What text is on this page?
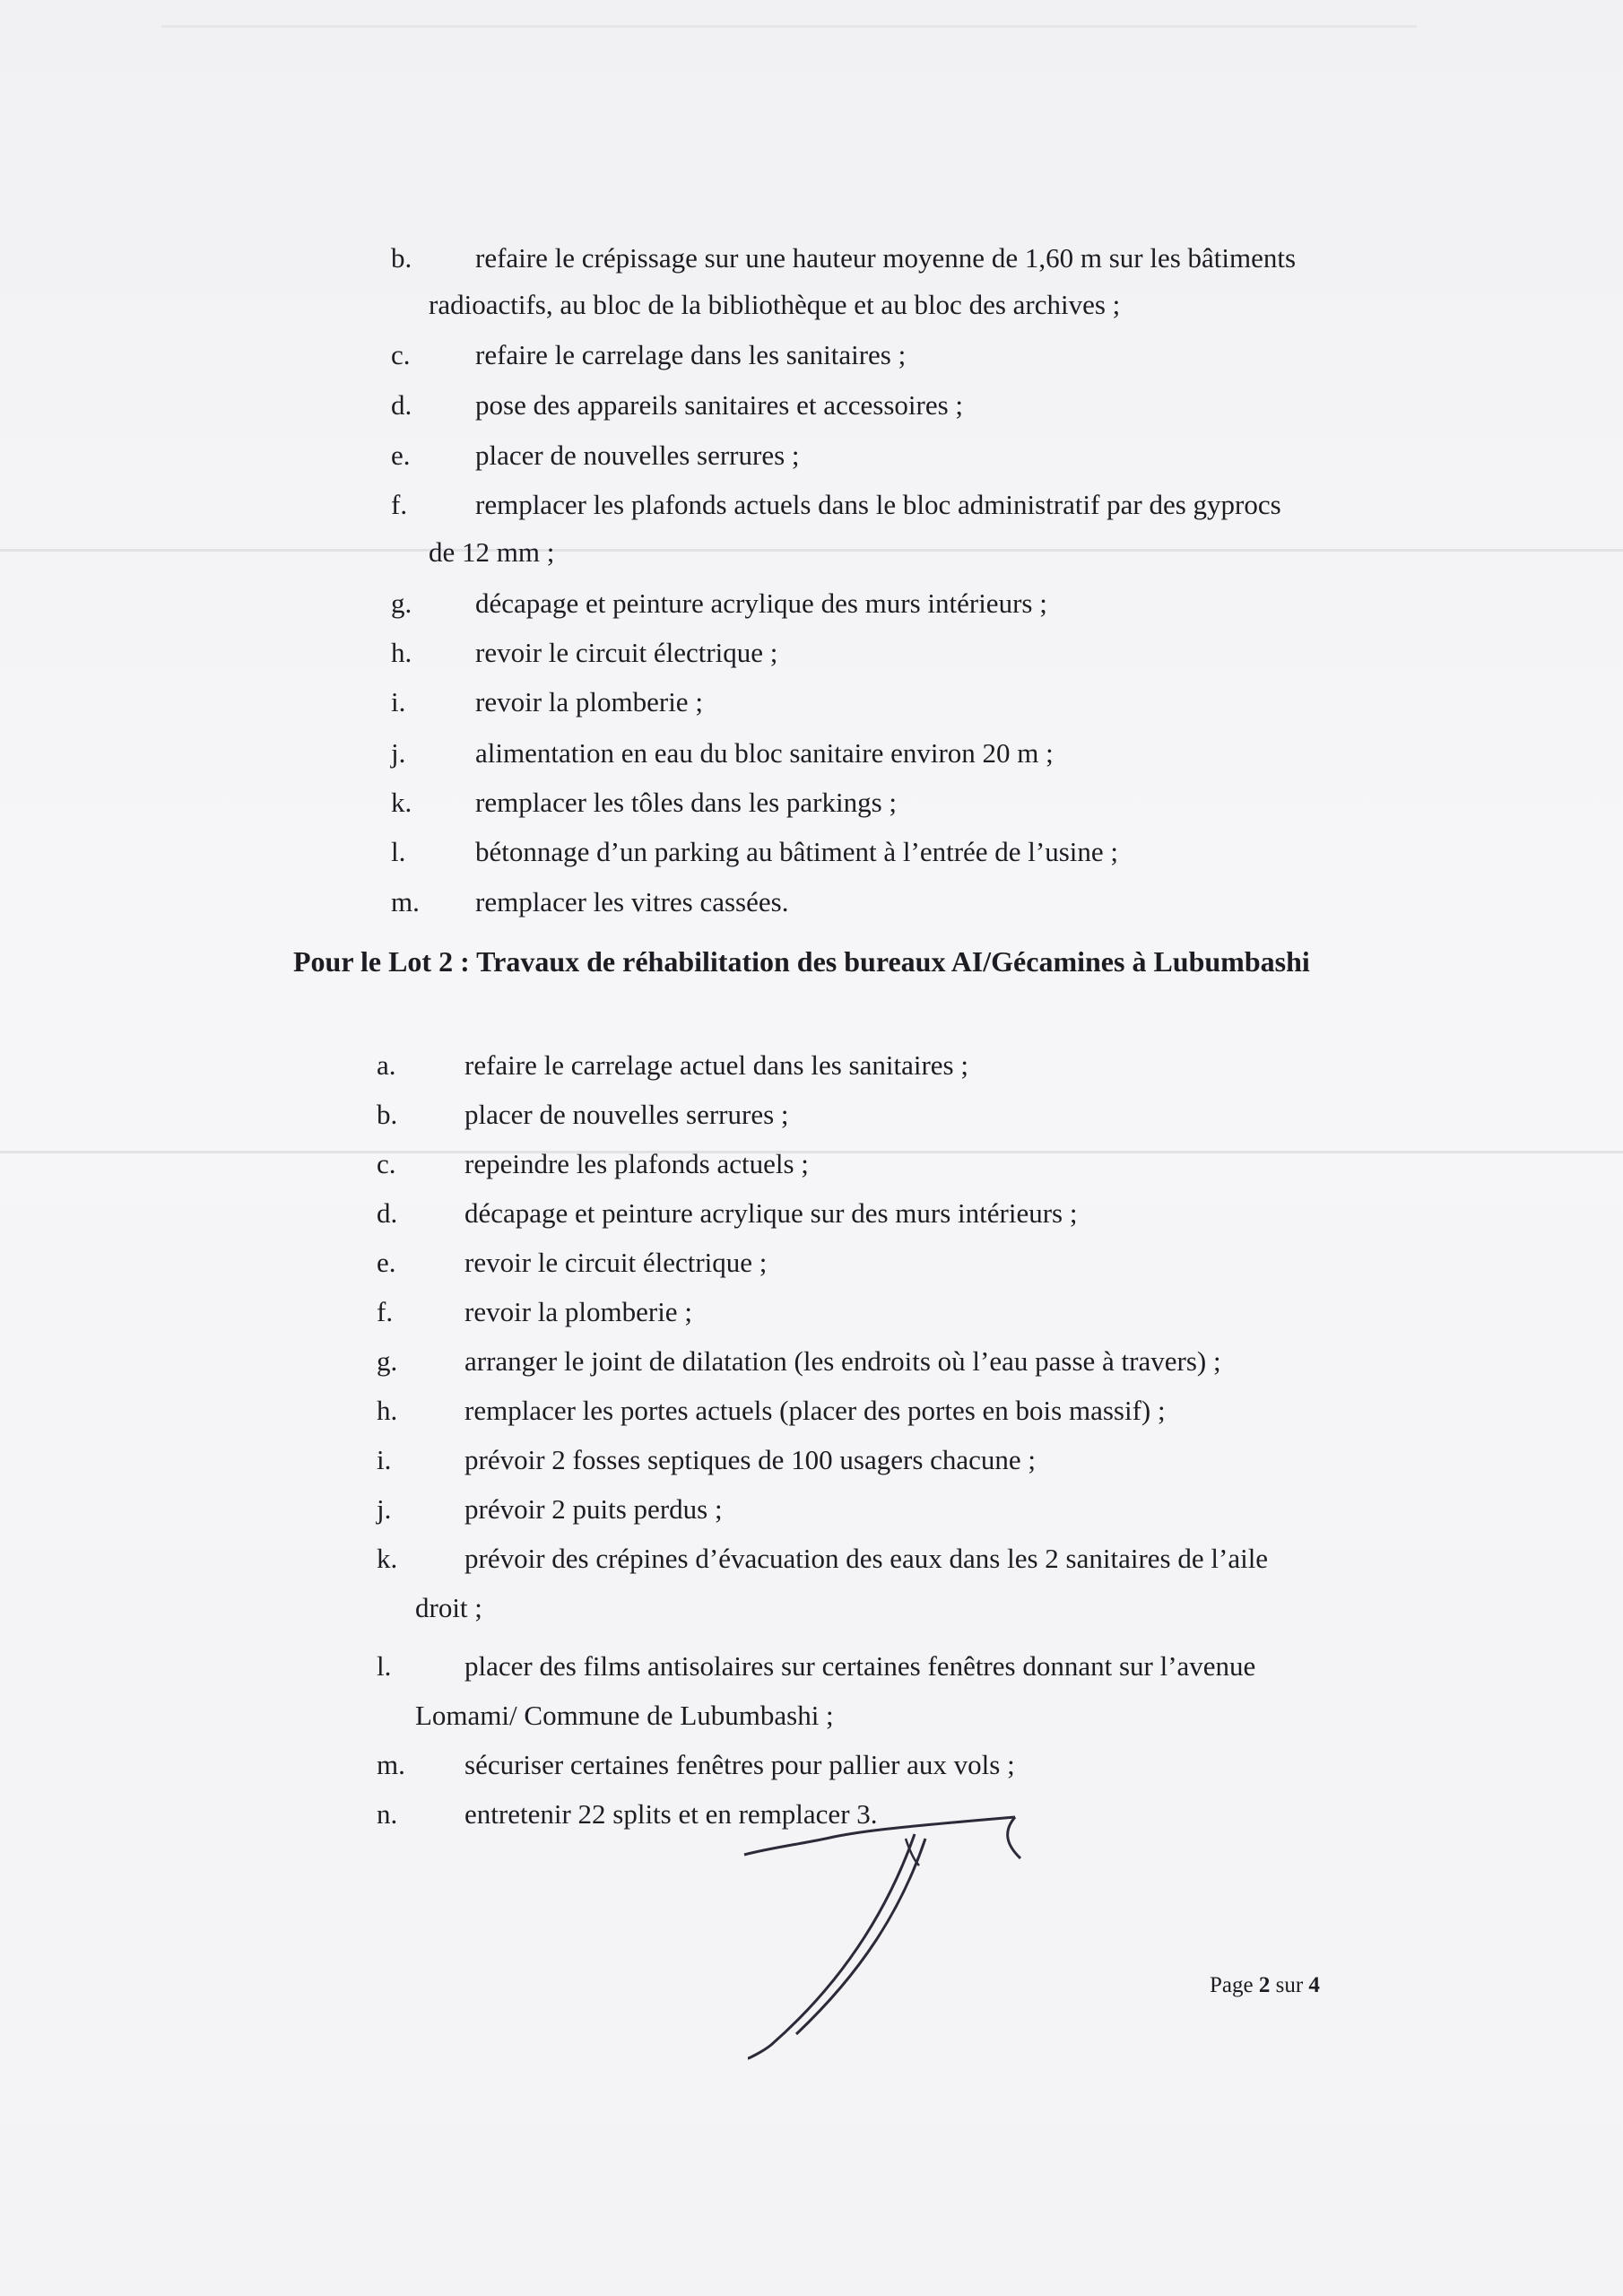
b. refaire le crépissage sur une hauteur moyenne de 1,60 m sur les bâtiments
radioactifs, au bloc de la bibliothèque et au bloc des archives ;
c. refaire le carrelage dans les sanitaires ;
d. pose des appareils sanitaires et accessoires ;
e. placer de nouvelles serrures ;
f. remplacer les plafonds actuels dans le bloc administratif par des gyprocs
de 12 mm ;
g. décapage et peinture acrylique des murs intérieurs ;
h. revoir le circuit électrique ;
i.	revoir la plomberie ;
j.	alimentation en eau du bloc sanitaire environ 20 m ;
k. remplacer les tôles dans les parkings ;
l.	bétonnage d’un parking au bâtiment à l’entrée de l’usine ;
m. remplacer les vitres cassées.
Pour le Lot 2 : Travaux de réhabilitation des bureaux AI/Gécamines à Lubumbashi
a. refaire le carrelage actuel dans les sanitaires ;
b. placer de nouvelles serrures ;
c. repeindre les plafonds actuels ;
d. décapage et peinture acrylique sur des murs intérieurs ;
e. revoir le circuit électrique ;
f.	revoir la plomberie ;
g. arranger le joint de dilatation (les endroits où l’eau passe à travers) ;
h. remplacer les portes actuels (placer des portes en bois massif) ;
i.	prévoir 2 fosses septiques de 100 usagers chacune ;
j.	prévoir 2 puits perdus ;
k. prévoir des crépines d’évacuation des eaux dans les 2 sanitaires de l’aile
droit ;
l.	placer des films antisolaires sur certaines fenêtres donnant sur l’avenue
Lomami/ Commune de Lubumbashi ;
m. sécuriser certaines fenêtres pour pallier aux vols ;
n. entretenir 22 splits et en remplacer 3.
Page 2 sur 4
